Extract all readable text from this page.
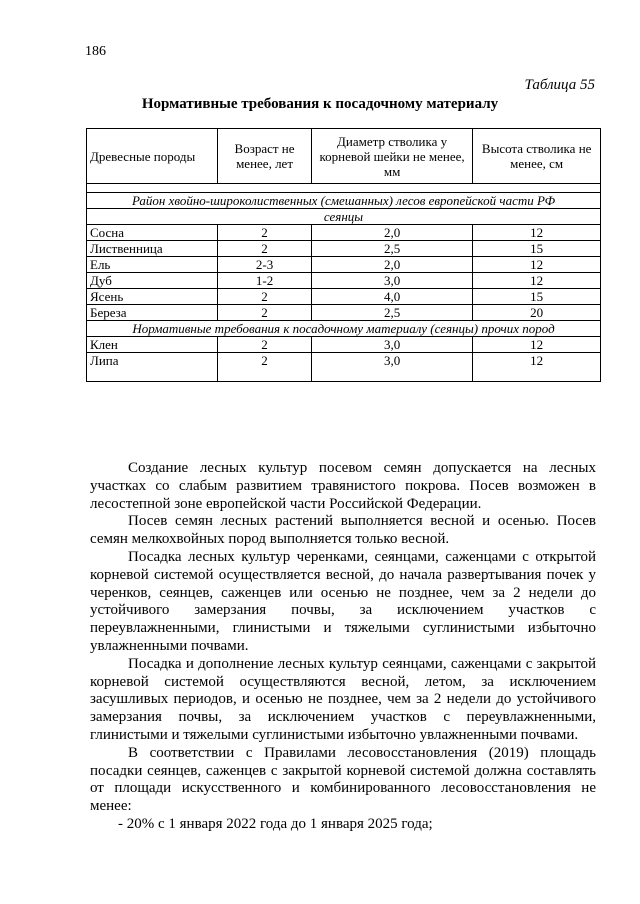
186
Таблица 55
Нормативные требования к посадочному материалу
Древесные породы	Возраст не менее, лет	Диаметр стволика у корневой шейки не менее, мм	Высота стволика не менее, см

Район хвойно-широколиственных (смешанных) лесов европейской части РФ			
сеянцы			
Сосна	2	2,0	12
Лиственница	2	2,5	15
Ель	2-3	2,0	12
Дуб	1-2	3,0	12
Ясень	2	4,0	15
Береза	2	2,5	20
Нормативные требования к посадочному материалу (сеянцы) прочих пород			
Клен	2	3,0	12
Липа	2	3,0	12

Создание лесных культур посевом семян допускается на лесных участках со слабым развитием травянистого покрова. Посев возможен в лесостепной зоне европейской части Российской Федерации.

Посев семян лесных растений выполняется весной и осенью. Посев семян мелкохвойных пород выполняется только весной.

Посадка лесных культур черенками, сеянцами, саженцами с открытой корневой системой осуществляется весной, до начала развертывания почек у черенков, сеянцев, саженцев или осенью не позднее, чем за 2 недели до устойчивого замерзания почвы, за исключением участков с переувлажненными, глинистыми и тяжелыми суглинистыми избыточно увлажненными почвами.

Посадка и дополнение лесных культур сеянцами, саженцами с закрытой корневой системой осуществляются весной, летом, за исключением засушливых периодов, и осенью не позднее, чем за 2 недели до устойчивого замерзания почвы, за исключением участков с переувлажненными, глинистыми и тяжелыми суглинистыми избыточно увлажненными почвами.

В соответствии с Правилами лесовосстановления (2019) площадь посадки сеянцев, саженцев с закрытой корневой системой должна составлять от площади искусственного и комбинированного лесовосстановления не менее:

- 20% с 1 января 2022 года до 1 января 2025 года;
